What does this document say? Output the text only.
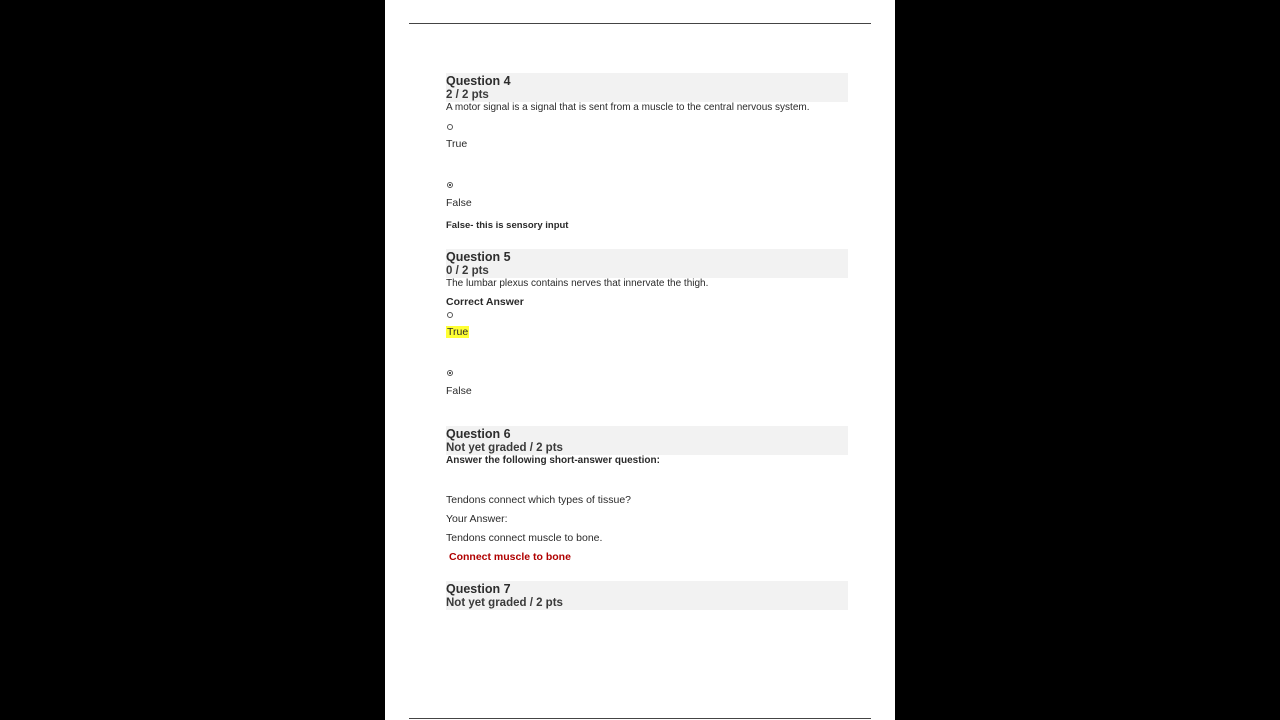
Question 4
2 / 2 pts
A motor signal is a signal that is sent from a muscle to the central nervous system.
True
False
False- this is sensory input
Question 5
0 / 2 pts
The lumbar plexus contains nerves that innervate the thigh.
Correct Answer
True
False
Question 6
Not yet graded / 2 pts
Answer the following short-answer question:
Tendons connect which types of tissue?
Your Answer:
Tendons connect muscle to bone.
Connect muscle to bone
Question 7
Not yet graded / 2 pts
